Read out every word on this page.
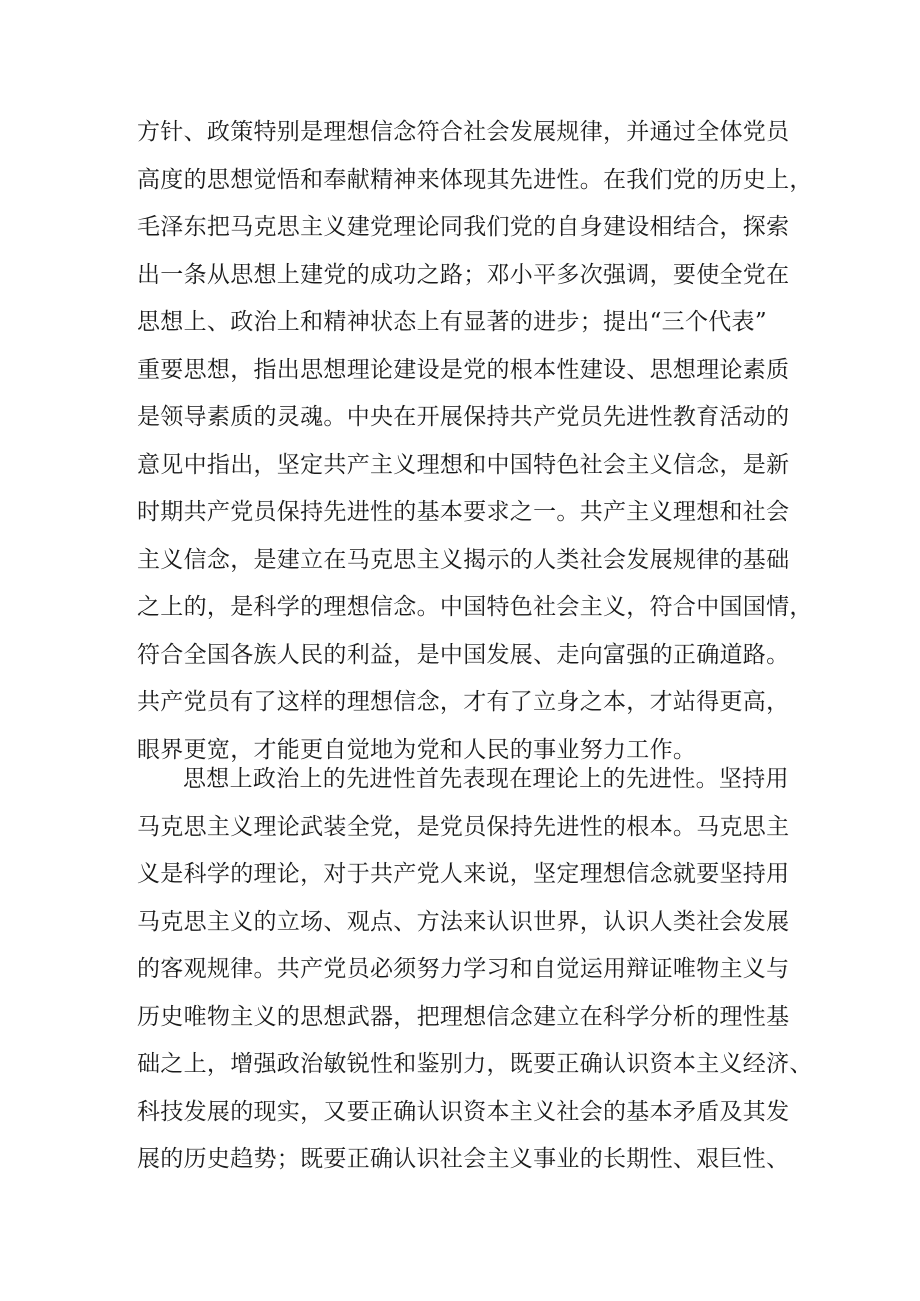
方针、政策特别是理想信念符合社会发展规律，并通过全体党员
高度的思想觉悟和奉献精神来体现其先进性。在我们党的历史上，
毛泽东把马克思主义建党理论同我们党的自身建设相结合，探索
出一条从思想上建党的成功之路；邓小平多次强调，要使全党在
思想上、政治上和精神状态上有显著的进步；提出“三个代表”
重要思想，指出思想理论建设是党的根本性建设、思想理论素质
是领导素质的灵魂。中央在开展保持共产党员先进性教育活动的
意见中指出，坚定共产主义理想和中国特色社会主义信念，是新
时期共产党员保持先进性的基本要求之一。共产主义理想和社会
主义信念，是建立在马克思主义揭示的人类社会发展规律的基础
之上的，是科学的理想信念。中国特色社会主义，符合中国国情，
符合全国各族人民的利益，是中国发展、走向富强的正确道路。
共产党员有了这样的理想信念，才有了立身之本，才站得更高，
眼界更宽，才能更自觉地为党和人民的事业努力工作。
思想上政治上的先进性首先表现在理论上的先进性。坚持用
马克思主义理论武装全党，是党员保持先进性的根本。马克思主
义是科学的理论，对于共产党人来说，坚定理想信念就要坚持用
马克思主义的立场、观点、方法来认识世界，认识人类社会发展
的客观规律。共产党员必须努力学习和自觉运用辩证唯物主义与
历史唯物主义的思想武器，把理想信念建立在科学分析的理性基
础之上，增强政治敏锐性和鉴别力，既要正确认识资本主义经济、
科技发展的现实，又要正确认识资本主义社会的基本矛盾及其发
展的历史趋势；既要正确认识社会主义事业的长期性、艰巨性、
